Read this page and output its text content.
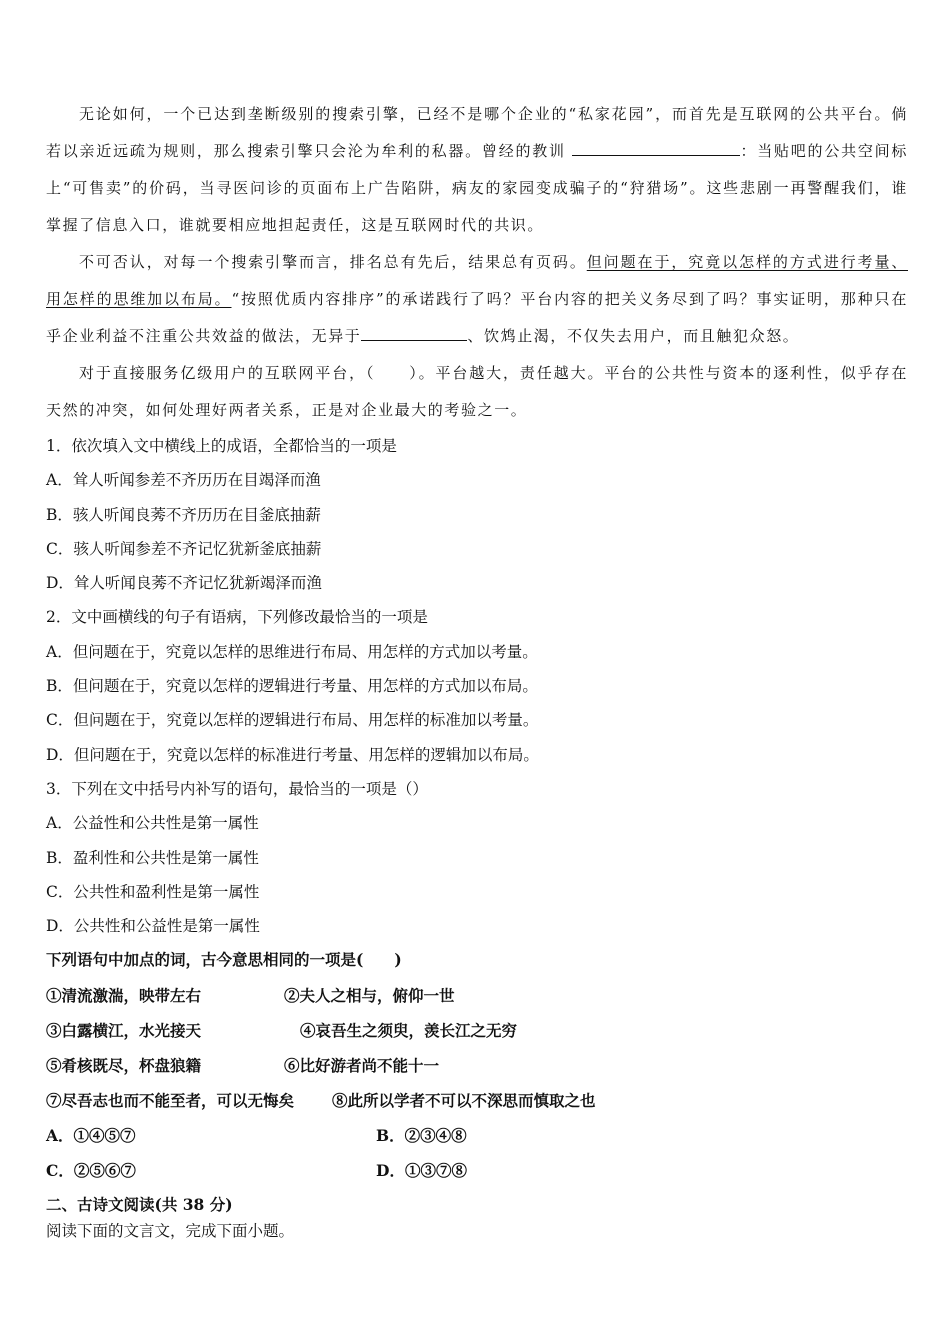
无论如何，一个已达到垄断级别的搜索引擎，已经不是哪个企业的“私家花园”，而首先是互联网的公共平台。倘若以亲近远疏为规则，那么搜索引擎只会沦为牟利的私器。曾经的教训	：当贴吧的公共空间标上“可售卖”的价码，当寻医问诊的页面布上广告陷阱，病友的家园变成骗子的“狩猎场”。这些悲剧一再警醒我们，谁掌握了信息入口，谁就要相应地担起责任，这是互联网时代的共识。
不可否认，对每一个搜索引擎而言，排名总有先后，结果总有页码。但问题在于，究竟以怎样的方式进行考量、用怎样的思维加以布局。“按照优质内容排序”的承诺践行了吗？平台内容的把关义务尽到了吗？事实证明，那种只在乎企业利益不注重公共效益的做法，无异于	、饮鸩止渴，不仅失去用户，而且触犯众怒。
对于直接服务亿级用户的互联网平台，（　　）。平台越大，责任越大。平台的公共性与资本的逐利性，似乎存在天然的冲突，如何处理好两者关系，正是对企业最大的考验之一。
1．依次填入文中横线上的成语，全都恰当的一项是
A．耸人听闻参差不齐历历在目竭泽而渔
B．骇人听闻良莠不齐历历在目釜底抽薪
C．骇人听闻参差不齐记忆犹新釜底抽薪
D．耸人听闻良莠不齐记忆犹新竭泽而渔
2．文中画横线的句子有语病，下列修改最恰当的一项是
A．但问题在于，究竟以怎样的思维进行布局、用怎样的方式加以考量。
B．但问题在于，究竟以怎样的逻辑进行考量、用怎样的方式加以布局。
C．但问题在于，究竟以怎样的逻辑进行布局、用怎样的标准加以考量。
D．但问题在于，究竟以怎样的标准进行考量、用怎样的逻辑加以布局。
3．下列在文中括号内补写的语句，最恰当的一项是（）
A．公益性和公共性是第一属性
B．盈利性和公共性是第一属性
C．公共性和盈利性是第一属性
D．公共性和公益性是第一属性
下列语句中加点的词，古今意思相同的一项是(　　)
①清流激湍，映带左右	②夫人之相与，俯仰一世
③白露横江，水光接天	④哀吾生之须臾，羡长江之无穷
⑤肴核既尽，杯盘狼籍	⑥比好游者尚不能十一
⑦尽吾志也而不能至者，可以无悔矣	⑧此所以学者不可以不深思而慎取之也
A．①④⑤⑦	B．②③④⑧
C．②⑤⑥⑦	D．①③⑦⑧
二、古诗文阅读(共 38 分)
阅读下面的文言文，完成下面小题。
